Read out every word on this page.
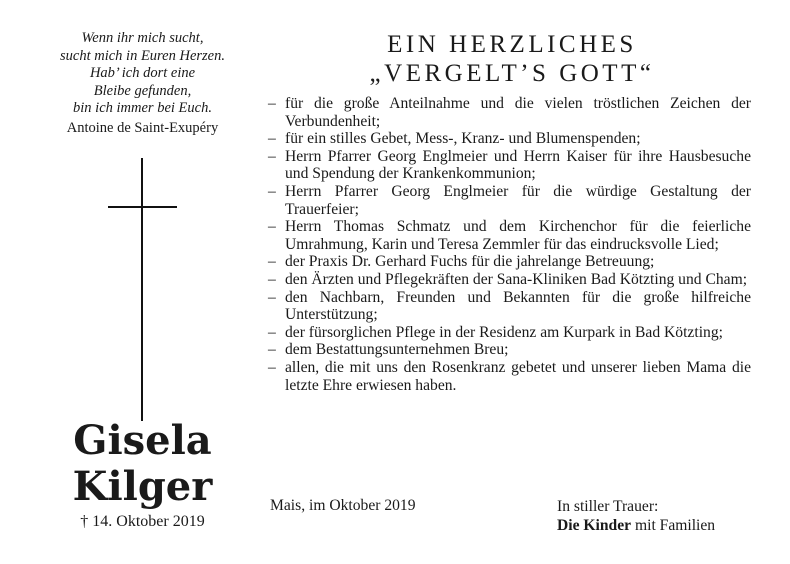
Wenn ihr mich sucht,
sucht mich in Euren Herzen.
Hab’ ich dort eine
Bleibe gefunden,
bin ich immer bei Euch.
Antoine de Saint-Exupéry
Gisela
Kilger
† 14. Oktober 2019
EIN HERZLICHES
„VERGELT’S GOTT“
– für die große Anteilnahme und die vielen tröstlichen Zeichen der Verbundenheit;
– für ein stilles Gebet, Mess-, Kranz- und Blumenspenden;
– Herrn Pfarrer Georg Englmeier und Herrn Kaiser für ihre Hausbesuche und Spendung der Krankenkommunion;
– Herrn Pfarrer Georg Englmeier für die würdige Gestaltung der Trauerfeier;
– Herrn Thomas Schmatz und dem Kirchenchor für die feierliche Umrahmung, Karin und Teresa Zemmler für das eindrucksvolle Lied;
– der Praxis Dr. Gerhard Fuchs für die jahrelange Betreuung;
– den Ärzten und Pflegekräften der Sana-Kliniken Bad Kötzting und Cham;
– den Nachbarn, Freunden und Bekannten für die große hilfreiche Unterstützung;
– der fürsorglichen Pflege in der Residenz am Kurpark in Bad Kötzting;
– dem Bestattungsunternehmen Breu;
– allen, die mit uns den Rosenkranz gebetet und unserer lieben Mama die letzte Ehre erwiesen haben.
Mais, im Oktober 2019	In stiller Trauer:
Die Kinder mit Familien
